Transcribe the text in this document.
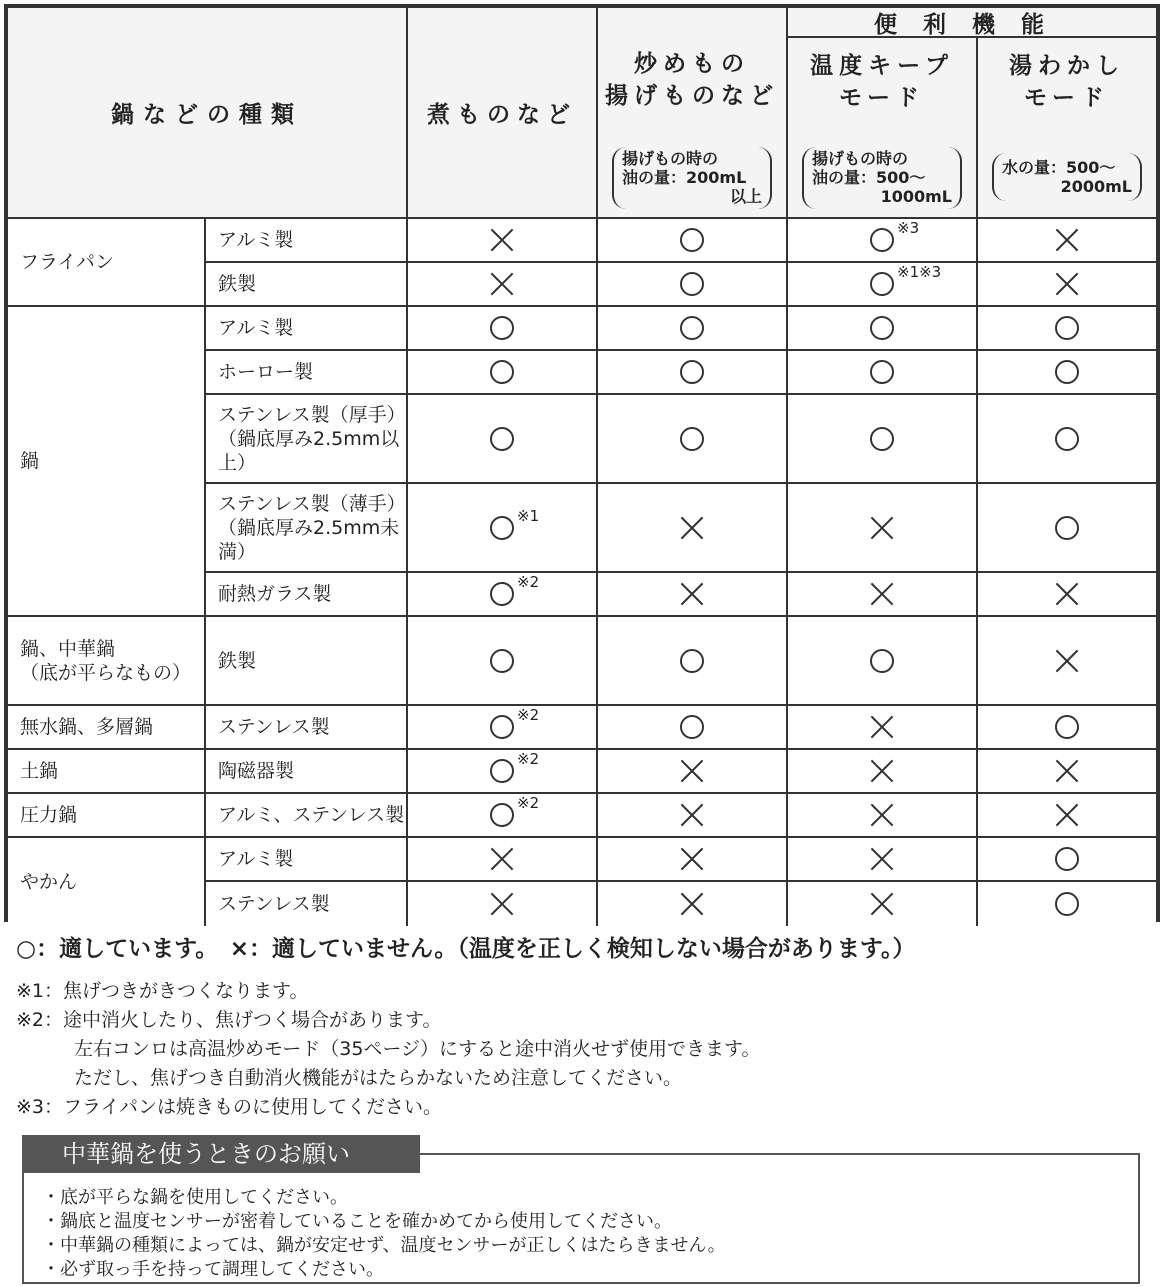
鍋などの種類	煮ものなど
炒めもの
揚げものなど
揚げもの時の
油の量：200mL
以上
便利機能
温度キープ
モード
揚げもの時の
油の量：500〜
1000mL
湯わかし
モード
水の量：500〜
2000mL
フライパン
鍋
鍋、中華鍋
（底が平らなもの）
無水鍋、多層鍋
土鍋
圧力鍋
やかん
アルミ製
※3
鉄製
※1※3
アルミ製
ホーロー製
ステンレス製（厚手）
（鍋底厚み2.5mm以上）
ステンレス製（薄手）
（鍋底厚み2.5mm未満）
※1
耐熱ガラス製
※2
鉄製
ステンレス製
※2
陶磁器製
※2
アルミ、ステンレス製
※2
アルミ製
ステンレス製
○：適しています。　×：適していません。（温度を正しく検知しない場合があります。）
※1：焦げつきがきつくなります。
※2：途中消火したり、焦げつく場合があります。
左右コンロは高温炒めモード（35ページ）にすると途中消火せず使用できます。
ただし、焦げつき自動消火機能がはたらかないため注意してください。
※3：フライパンは焼きものに使用してください。
中華鍋を使うときのお願い
・底が平らな鍋を使用してください。
・鍋底と温度センサーが密着していることを確かめてから使用してください。
・中華鍋の種類によっては、鍋が安定せず、温度センサーが正しくはたらきません。
・必ず取っ手を持って調理してください。
